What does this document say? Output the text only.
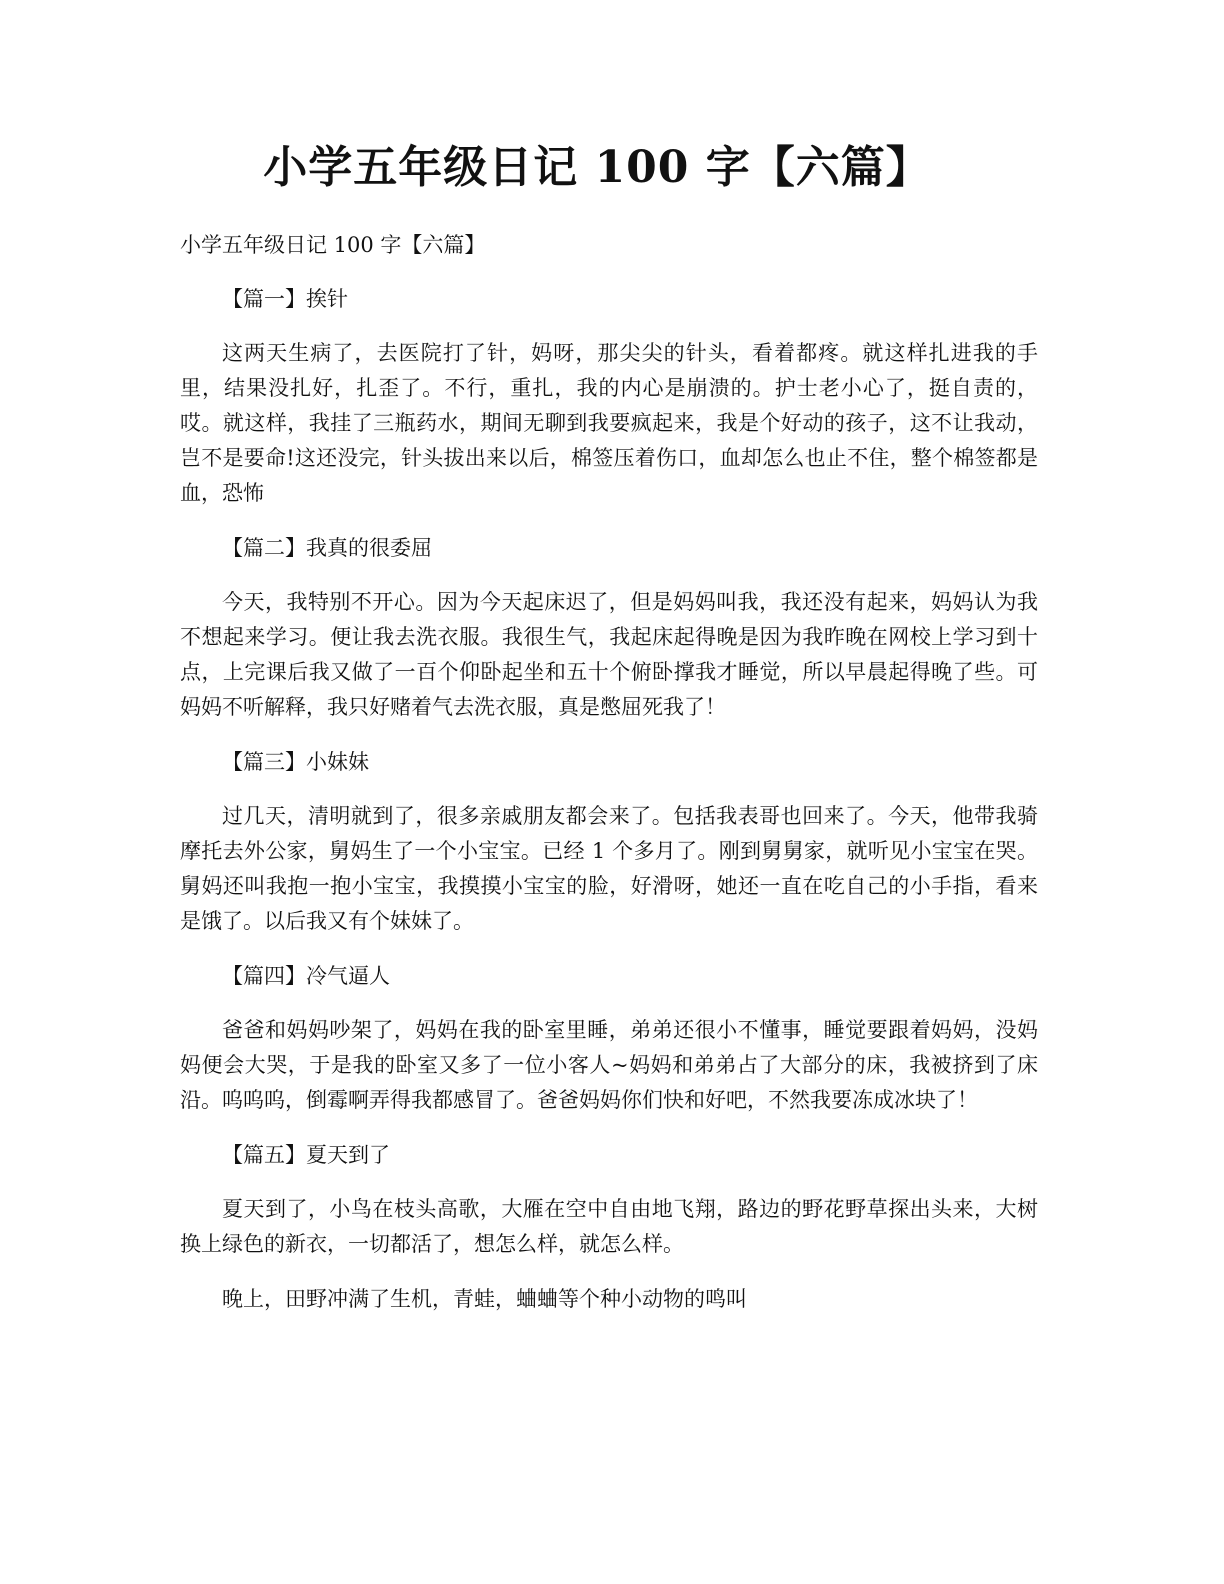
小学五年级日记 100 字【六篇】

小学五年级日记 100 字【六篇】

【篇一】挨针

这两天生病了，去医院打了针，妈呀，那尖尖的针头，看着都疼。就这样扎进我的手里，结果没扎好，扎歪了。不行，重扎，我的内心是崩溃的。护士老小心了，挺自责的，哎。就这样，我挂了三瓶药水，期间无聊到我要疯起来，我是个好动的孩子，这不让我动，岂不是要命!这还没完，针头拔出来以后，棉签压着伤口，血却怎么也止不住，整个棉签都是血，恐怖

【篇二】我真的很委屈

今天，我特别不开心。因为今天起床迟了，但是妈妈叫我，我还没有起来，妈妈认为我不想起来学习。便让我去洗衣服。我很生气，我起床起得晚是因为我昨晚在网校上学习到十点，上完课后我又做了一百个仰卧起坐和五十个俯卧撑我才睡觉，所以早晨起得晚了些。可妈妈不听解释，我只好赌着气去洗衣服，真是憋屈死我了！

【篇三】小妹妹

过几天，清明就到了，很多亲戚朋友都会来了。包括我表哥也回来了。今天，他带我骑摩托去外公家，舅妈生了一个小宝宝。已经 1 个多月了。刚到舅舅家，就听见小宝宝在哭。舅妈还叫我抱一抱小宝宝，我摸摸小宝宝的脸，好滑呀，她还一直在吃自己的小手指，看来是饿了。以后我又有个妹妹了。

【篇四】冷气逼人

爸爸和妈妈吵架了，妈妈在我的卧室里睡，弟弟还很小不懂事，睡觉要跟着妈妈，没妈妈便会大哭，于是我的卧室又多了一位小客人~妈妈和弟弟占了大部分的床，我被挤到了床沿。呜呜呜，倒霉啊弄得我都感冒了。爸爸妈妈你们快和好吧，不然我要冻成冰块了！

【篇五】夏天到了

夏天到了，小鸟在枝头高歌，大雁在空中自由地飞翔，路边的野花野草探出头来，大树换上绿色的新衣，一切都活了，想怎么样，就怎么样。

晚上，田野冲满了生机，青蛙，蛐蛐等个种小动物的鸣叫
